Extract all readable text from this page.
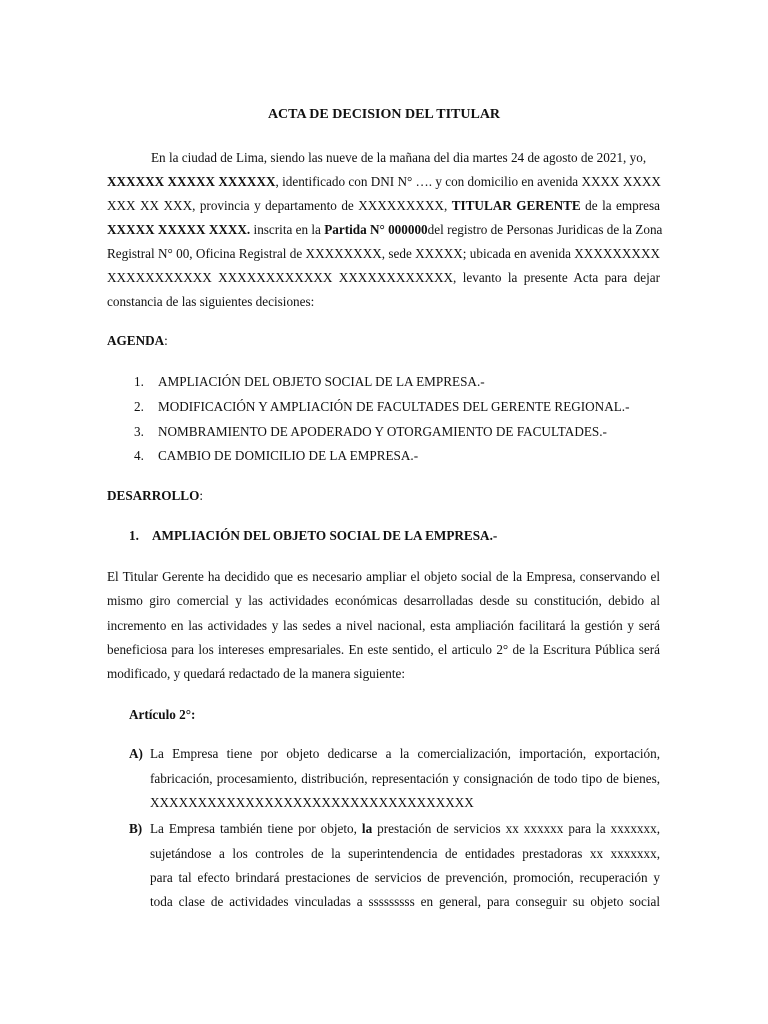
ACTA DE DECISION DEL TITULAR
En la ciudad de Lima, siendo las nueve de la mañana del dia martes 24 de agosto de 2021, yo,
XXXXXX XXXXX XXXXXX, identificado con DNI N° …. y con domicilio en avenida XXXX XXXX
XXX XX XXX, provincia y departamento de XXXXXXXXX, TITULAR GERENTE de la empresa
XXXXX XXXXX XXXX. inscrita en la Partida N° 000000del registro de Personas Juridicas de la Zona
Registral N° 00, Oficina Registral de XXXXXXXX, sede XXXXX; ubicada en avenida XXXXXXXXX
XXXXXXXXXXX XXXXXXXXXXXX XXXXXXXXXXXX, levanto la presente Acta para dejar
constancia de las siguientes decisiones:
AGENDA:
1. AMPLIACIÓN DEL OBJETO SOCIAL DE LA EMPRESA.-
2. MODIFICACIÓN Y AMPLIACIÓN DE FACULTADES DEL GERENTE REGIONAL.-
3. NOMBRAMIENTO DE APODERADO Y OTORGAMIENTO DE FACULTADES.-
4. CAMBIO DE DOMICILIO DE LA EMPRESA.-
DESARROLLO:
1. AMPLIACIÓN DEL OBJETO SOCIAL DE LA EMPRESA.-
El Titular Gerente ha decidido que es necesario ampliar el objeto social de la Empresa, conservando el
mismo giro comercial y las actividades económicas desarrolladas desde su constitución, debido al
incremento en las actividades y las sedes a nivel nacional, esta ampliación facilitará la gestión y será
beneficiosa para los intereses empresariales. En este sentido, el articulo 2° de la Escritura Pública será
modificado, y quedará redactado de la manera siguiente:
Artículo 2°:
A) La Empresa tiene por objeto dedicarse a la comercialización, importación, exportación,
fabricación, procesamiento, distribución, representación y consignación de todo tipo de bienes,
XXXXXXXXXXXXXXXXXXXXXXXXXXXXXXXXXX
B) La Empresa también tiene por objeto, la prestación de servicios xx xxxxxx para la xxxxxxx,
sujetándose a los controles de la superintendencia de entidades prestadoras xx xxxxxxx,
para tal efecto brindará prestaciones de servicios de prevención, promoción, recuperación y
toda clase de actividades vinculadas a sssssssss en general, para conseguir su objeto social
